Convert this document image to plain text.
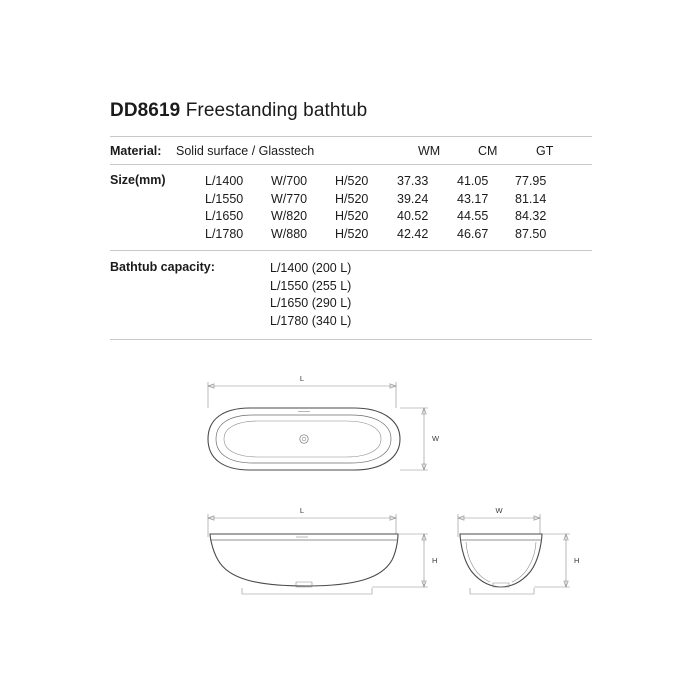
DD8619 Freestanding bathtub
Material:	Solid surface / Glasstech	WM	CM	GT
Size(mm)	L/1400	W/700	H/520	37.33	41.05	77.95
L/1550	W/770	H/520	39.24	43.17	81.14
L/1650	W/820	H/520	40.52	44.55	84.32
L/1780	W/880	H/520	42.42	46.67	87.50
Bathtub capacity:	L/1400 (200 L)
L/1550 (255 L)
L/1650 (290 L)
L/1780 (340 L)
L
W
L
H
W
H
